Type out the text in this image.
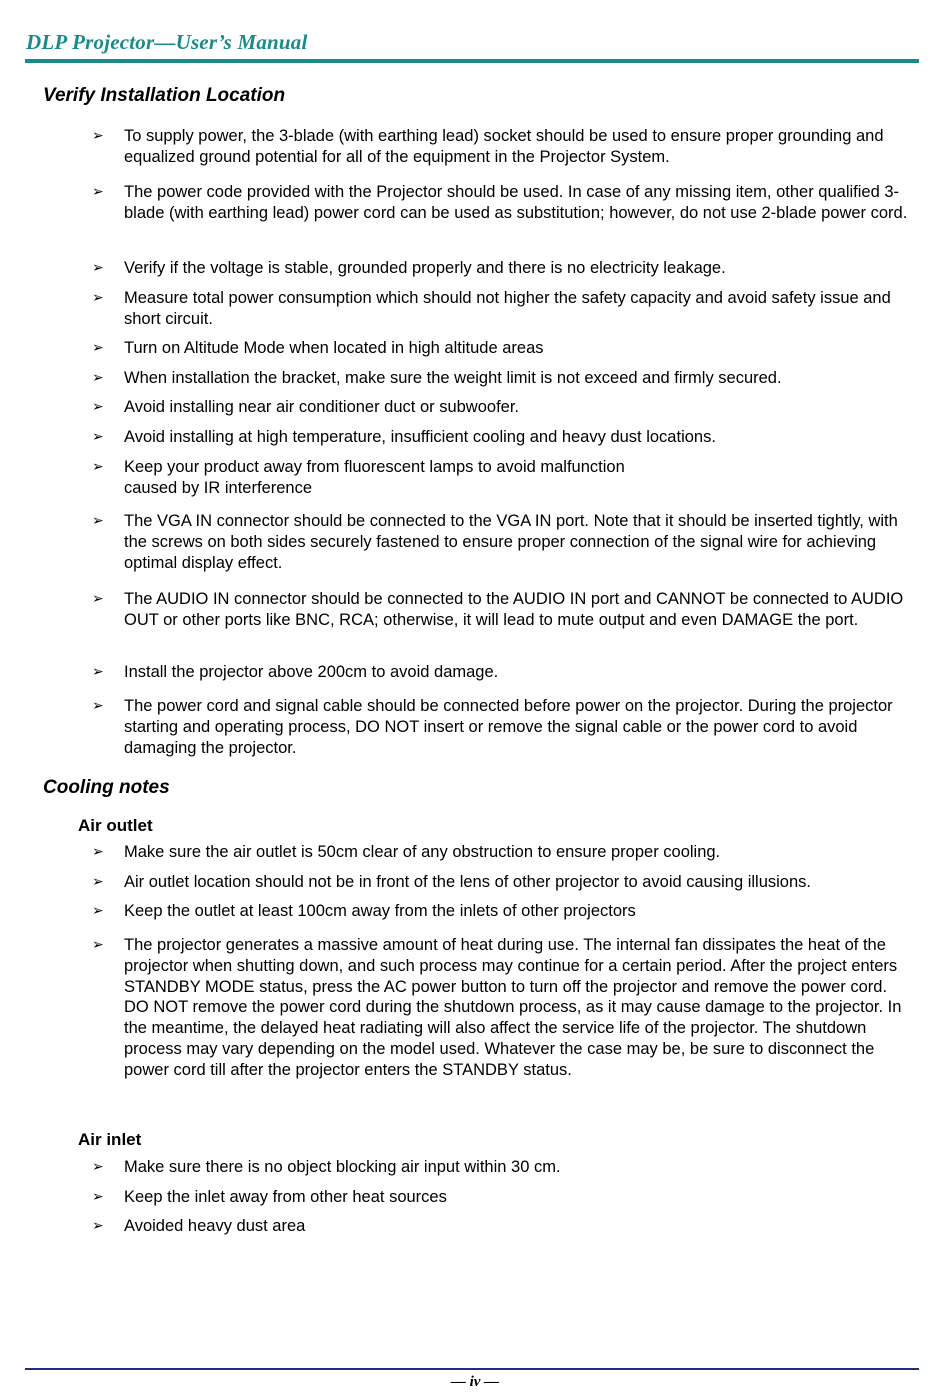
DLP Projector—User’s Manual
Verify Installation Location
➢ To supply power, the 3-blade (with earthing lead) socket should be used to ensure proper grounding and equalized ground potential for all of the equipment in the Projector System.
➢ The power code provided with the Projector should be used. In case of any missing item, other qualified 3-blade (with earthing lead) power cord can be used as substitution; however, do not use 2-blade power cord.
➢ Verify if the voltage is stable, grounded properly and there is no electricity leakage.
➢ Measure total power consumption which should not higher the safety capacity and avoid safety issue and short circuit.
➢ Turn on Altitude Mode when located in high altitude areas
➢ When installation the bracket, make sure the weight limit is not exceed and firmly secured.
➢ Avoid installing near air conditioner duct or subwoofer.
➢ Avoid installing at high temperature, insufficient cooling and heavy dust locations.
➢ Keep your product away from fluorescent lamps to avoid malfunction
caused by IR interference
➢ The VGA IN connector should be connected to the VGA IN port. Note that it should be inserted tightly, with the screws on both sides securely fastened to ensure proper connection of the signal wire for achieving optimal display effect.
➢ The AUDIO IN connector should be connected to the AUDIO IN port and CANNOT be connected to AUDIO OUT or other ports like BNC, RCA; otherwise, it will lead to mute output and even DAMAGE the port.
➢ Install the projector above 200cm to avoid damage.
➢ The power cord and signal cable should be connected before power on the projector. During the projector starting and operating process, DO NOT insert or remove the signal cable or the power cord to avoid damaging the projector.
Cooling notes
Air outlet
➢ Make sure the air outlet is 50cm clear of any obstruction to ensure proper cooling.
➢ Air outlet location should not be in front of the lens of other projector to avoid causing illusions.
➢ Keep the outlet at least 100cm away from the inlets of other projectors
➢ The projector generates a massive amount of heat during use. The internal fan dissipates the heat of the projector when shutting down, and such process may continue for a certain period. After the project enters STANDBY MODE status, press the AC power button to turn off the projector and remove the power cord. DO NOT remove the power cord during the shutdown process, as it may cause damage to the projector. In the meantime, the delayed heat radiating will also affect the service life of the projector. The shutdown process may vary depending on the model used. Whatever the case may be, be sure to disconnect the power cord till after the projector enters the STANDBY status.
Air inlet
➢ Make sure there is no object blocking air input within 30 cm.
➢ Keep the inlet away from other heat sources
➢ Avoided heavy dust area
— iv —
